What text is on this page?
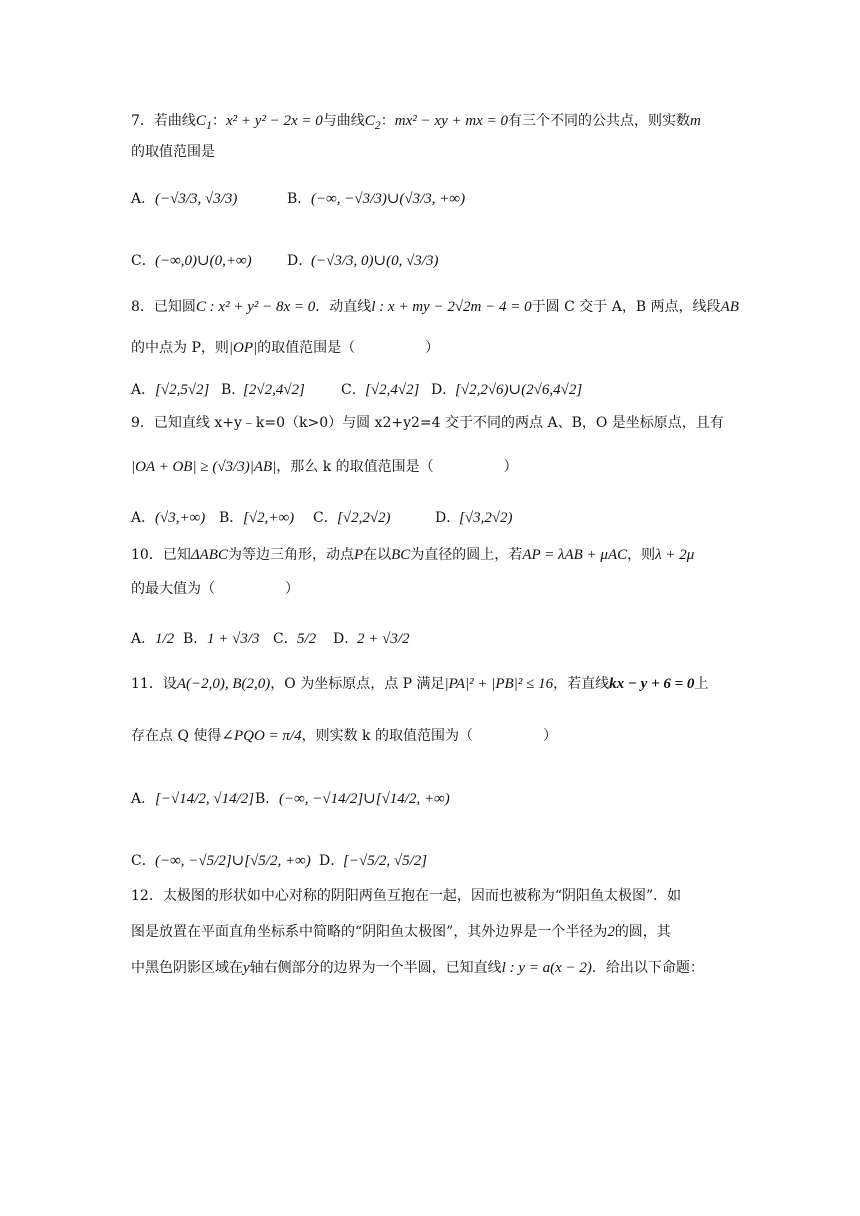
7．若曲线$C_1$：x² + y² − 2x = 0与曲线$C_2$：mx² − xy + mx = 0有三个不同的公共点，则实数m
的取值范围是
A．(−√3/3, √3/3)	B．(−∞, −√3/3)∪(√3/3, +∞)
C．(−∞,0)∪(0,+∞)	D．(−√3/3, 0)∪(0, √3/3)
8．已知圆C : x² + y² − 8x = 0．动直线l : x + my − 2√2m − 4 = 0于圆 C 交于 A，B 两点，线段AB
的中点为 P，则|OP|的取值范围是（　　　　　）
A．[√2,5√2] B．[2√2,4√2]	C．[√2,4√2] D．[√2,2√6)∪(2√6,4√2]
9．已知直线 x+y﹣k=0（k>0）与圆 x2+y2=4 交于不同的两点 A、B，O 是坐标原点，且有
|OA + OB| ≥ (√3/3)|AB|，那么 k 的取值范围是（　　　　　）
A．(√3,+∞) B．[√2,+∞) C．[√2,2√2)	D．[√3,2√2)
10．已知ΔABC为等边三角形，动点P在以BC为直径的圆上，若AP = λAB + μAC，则λ + 2μ
的最大值为（　　　　　）
A．1/2 B．1 + √3/3 C．5/2 D．2 + √3/2
11．设A(−2,0), B(2,0)，O 为坐标原点，点 P 满足|PA|² + |PB|² ≤ 16，若直线kx − y + 6 = 0上
存在点 Q 使得∠PQO = π/4，则实数 k 的取值范围为（　　　　　）
A．[−√14/2, √14/2]B．(−∞, −√14/2]∪[√14/2, +∞)
C．(−∞, −√5/2]∪[√5/2, +∞) D．[−√5/2, √5/2]
12．太极图的形状如中心对称的阴阳两鱼互抱在一起，因而也被称为“阴阳鱼太极图”．如
图是放置在平面直角坐标系中简略的“阴阳鱼太极图”，其外边界是一个半径为2的圆，其
中黑色阴影区域在y轴右侧部分的边界为一个半圆，已知直线l : y = a(x − 2)．给出以下命题：
